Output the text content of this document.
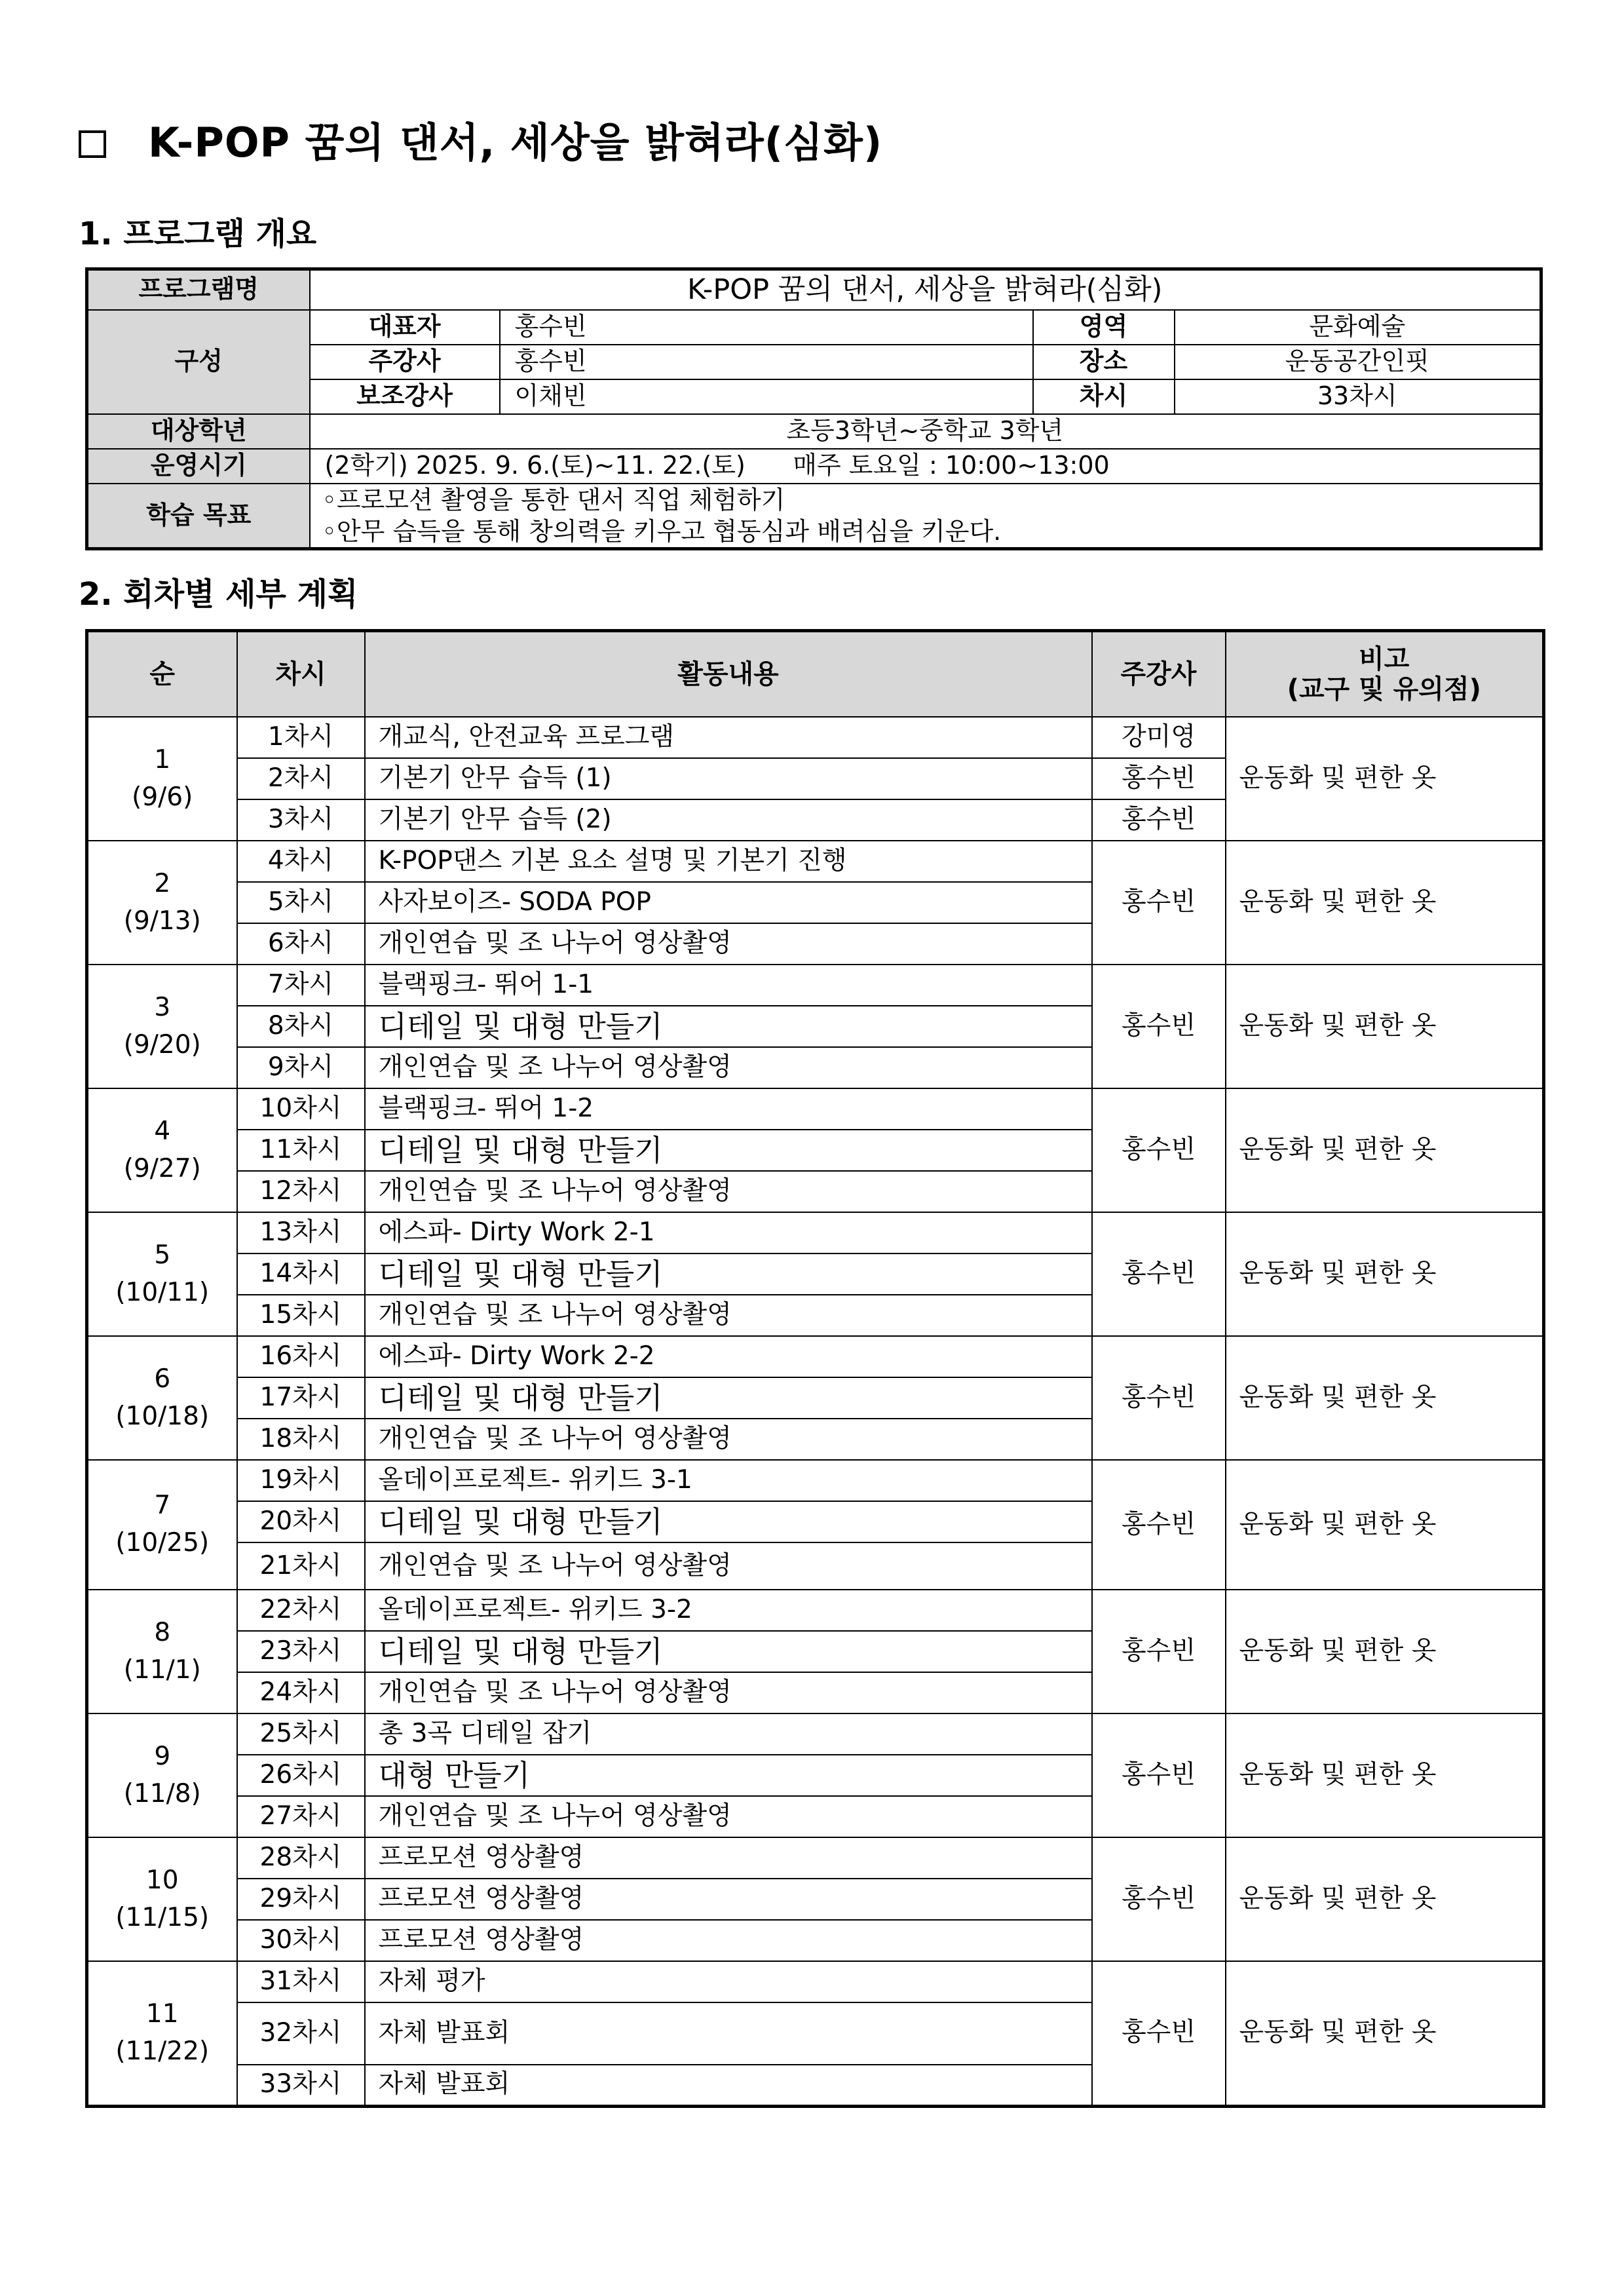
K-POP 꿈의 댄서, 세상을 밝혀라(심화)
1. 프로그램 개요
프로그램명	K-POP 꿈의 댄서, 세상을 밝혀라(심화)			
구성	대표자	홍수빈	영역	문화예술
	주강사	홍수빈	장소	운동공간인핏
	보조강사	이채빈	차시	33차시
대상학년	초등3학년~중학교 3학년			
운영시기	(2학기) 2025. 9. 6.(토)~11. 22.(토)      매주 토요일 : 10:00~13:00			
학습 목표	◦프로모션 촬영을 통한 댄서 직업 체험하기
◦안무 습득을 통해 창의력을 키우고 협동심과 배려심을 키운다.			
2. 회차별 세부 계획
순	차시	활동내용	주강사	비고
(교구 및 유의점)

1
(9/6)	1차시	개교식, 안전교육 프로그램	강미영	운동화 및 편한 옷
	2차시	기본기 안무 습득 (1)	홍수빈	
	3차시	기본기 안무 습득 (2)	홍수빈	

2
(9/13)	4차시	K-POP댄스 기본 요소 설명 및 기본기 진행	홍수빈	운동화 및 편한 옷
	5차시	사자보이즈- SODA POP		
	6차시	개인연습 및 조 나누어 영상촬영		

3
(9/20)	7차시	블랙핑크- 뛰어 1-1	홍수빈	운동화 및 편한 옷
	8차시	디테일 및 대형 만들기		
	9차시	개인연습 및 조 나누어 영상촬영		

4
(9/27)	10차시	블랙핑크- 뛰어 1-2	홍수빈	운동화 및 편한 옷
	11차시	디테일 및 대형 만들기		
	12차시	개인연습 및 조 나누어 영상촬영		

5
(10/11)	13차시	에스파- Dirty Work 2-1	홍수빈	운동화 및 편한 옷
	14차시	디테일 및 대형 만들기		
	15차시	개인연습 및 조 나누어 영상촬영		

6
(10/18)	16차시	에스파- Dirty Work 2-2	홍수빈	운동화 및 편한 옷
	17차시	디테일 및 대형 만들기		
	18차시	개인연습 및 조 나누어 영상촬영		

7
(10/25)	19차시	올데이프로젝트- 위키드 3-1	홍수빈	운동화 및 편한 옷
	20차시	디테일 및 대형 만들기		
	21차시	개인연습 및 조 나누어 영상촬영		

8
(11/1)	22차시	올데이프로젝트- 위키드 3-2	홍수빈	운동화 및 편한 옷
	23차시	디테일 및 대형 만들기		
	24차시	개인연습 및 조 나누어 영상촬영		

9
(11/8)	25차시	총 3곡 디테일 잡기	홍수빈	운동화 및 편한 옷
	26차시	대형 만들기		
	27차시	개인연습 및 조 나누어 영상촬영		

10
(11/15)	28차시	프로모션 영상촬영	홍수빈	운동화 및 편한 옷
	29차시	프로모션 영상촬영		
	30차시	프로모션 영상촬영		

11
(11/22)	31차시	자체 평가	홍수빈	운동화 및 편한 옷
	32차시	자체 발표회		
	33차시	자체 발표회		
